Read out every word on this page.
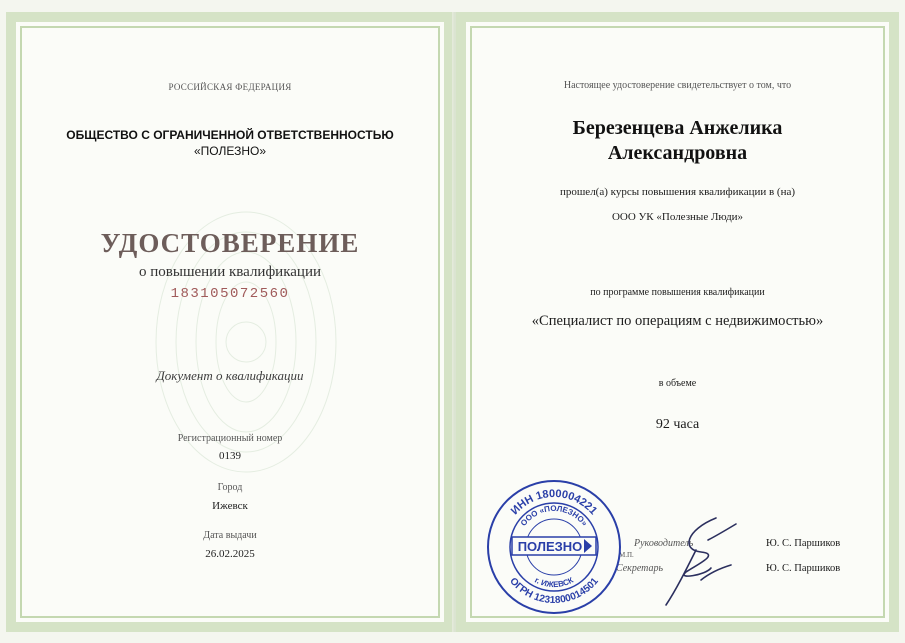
РОССИЙСКАЯ ФЕДЕРАЦИЯ
ОБЩЕСТВО С ОГРАНИЧЕННОЙ ОТВЕТСТВЕННОСТЬЮ
«ПОЛЕЗНО»
УДОСТОВЕРЕНИЕ
о повышении квалификации
183105072560
Документ о квалификации
Регистрационный номер
0139
Город
Ижевск
Дата выдачи
26.02.2025
Настоящее удостоверение свидетельствует о том, что
Березенцева Анжелика
Александровна
прошел(а) курсы повышения квалификации в (на)
ООО УК «Полезные Люди»
по программе повышения квалификации
«Специалист по операциям с недвижимостью»
в объеме
92 часа
Руководитель
Секретарь
М.П.
Ю. С. Паршиков
Ю. С. Паршиков
ИНН 1800004221
ОГРН 1231800014501
ООО «ПОЛЕЗНО»
г. ИЖЕВСК
ПОЛЕЗНО
